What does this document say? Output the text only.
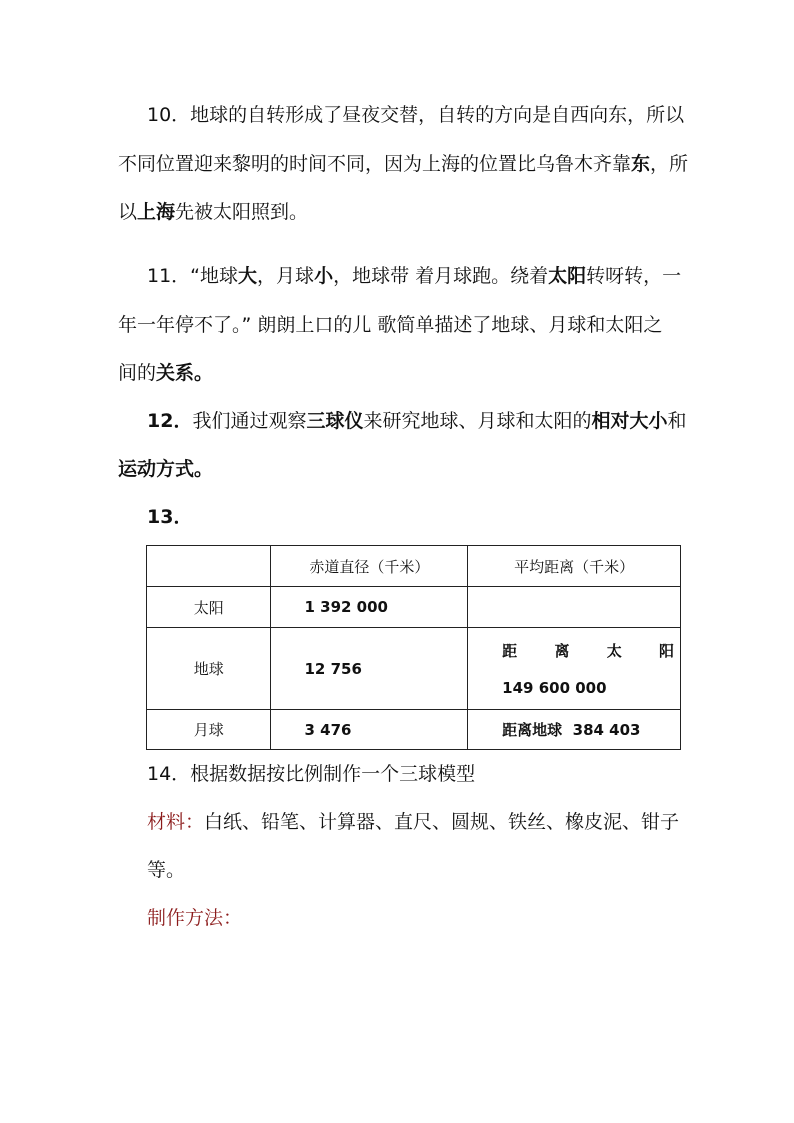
10．地球的自转形成了昼夜交替，自转的方向是自西向东，所以
不同位置迎来黎明的时间不同，因为上海的位置比乌鲁木齐靠东，所
以上海先被太阳照到。
11．“地球大，月球小，地球带 着月球跑。绕着太阳转呀转，一
年一年停不了。” 朗朗上口的儿 歌简单描述了地球、月球和太阳之
间的关系。
12．我们通过观察三球仪来研究地球、月球和太阳的相对大小和
运动方式。
13．
	赤道直径（千米）	平均距离（千米）
太阳	1 392 000	
地球	12 756	距 离 太 阳
149 600 000

月球	3 476	距离地球 384 403
14．根据数据按比例制作一个三球模型
材料：白纸、铅笔、计算器、直尺、圆规、铁丝、橡皮泥、钳子
等。
制作方法：
